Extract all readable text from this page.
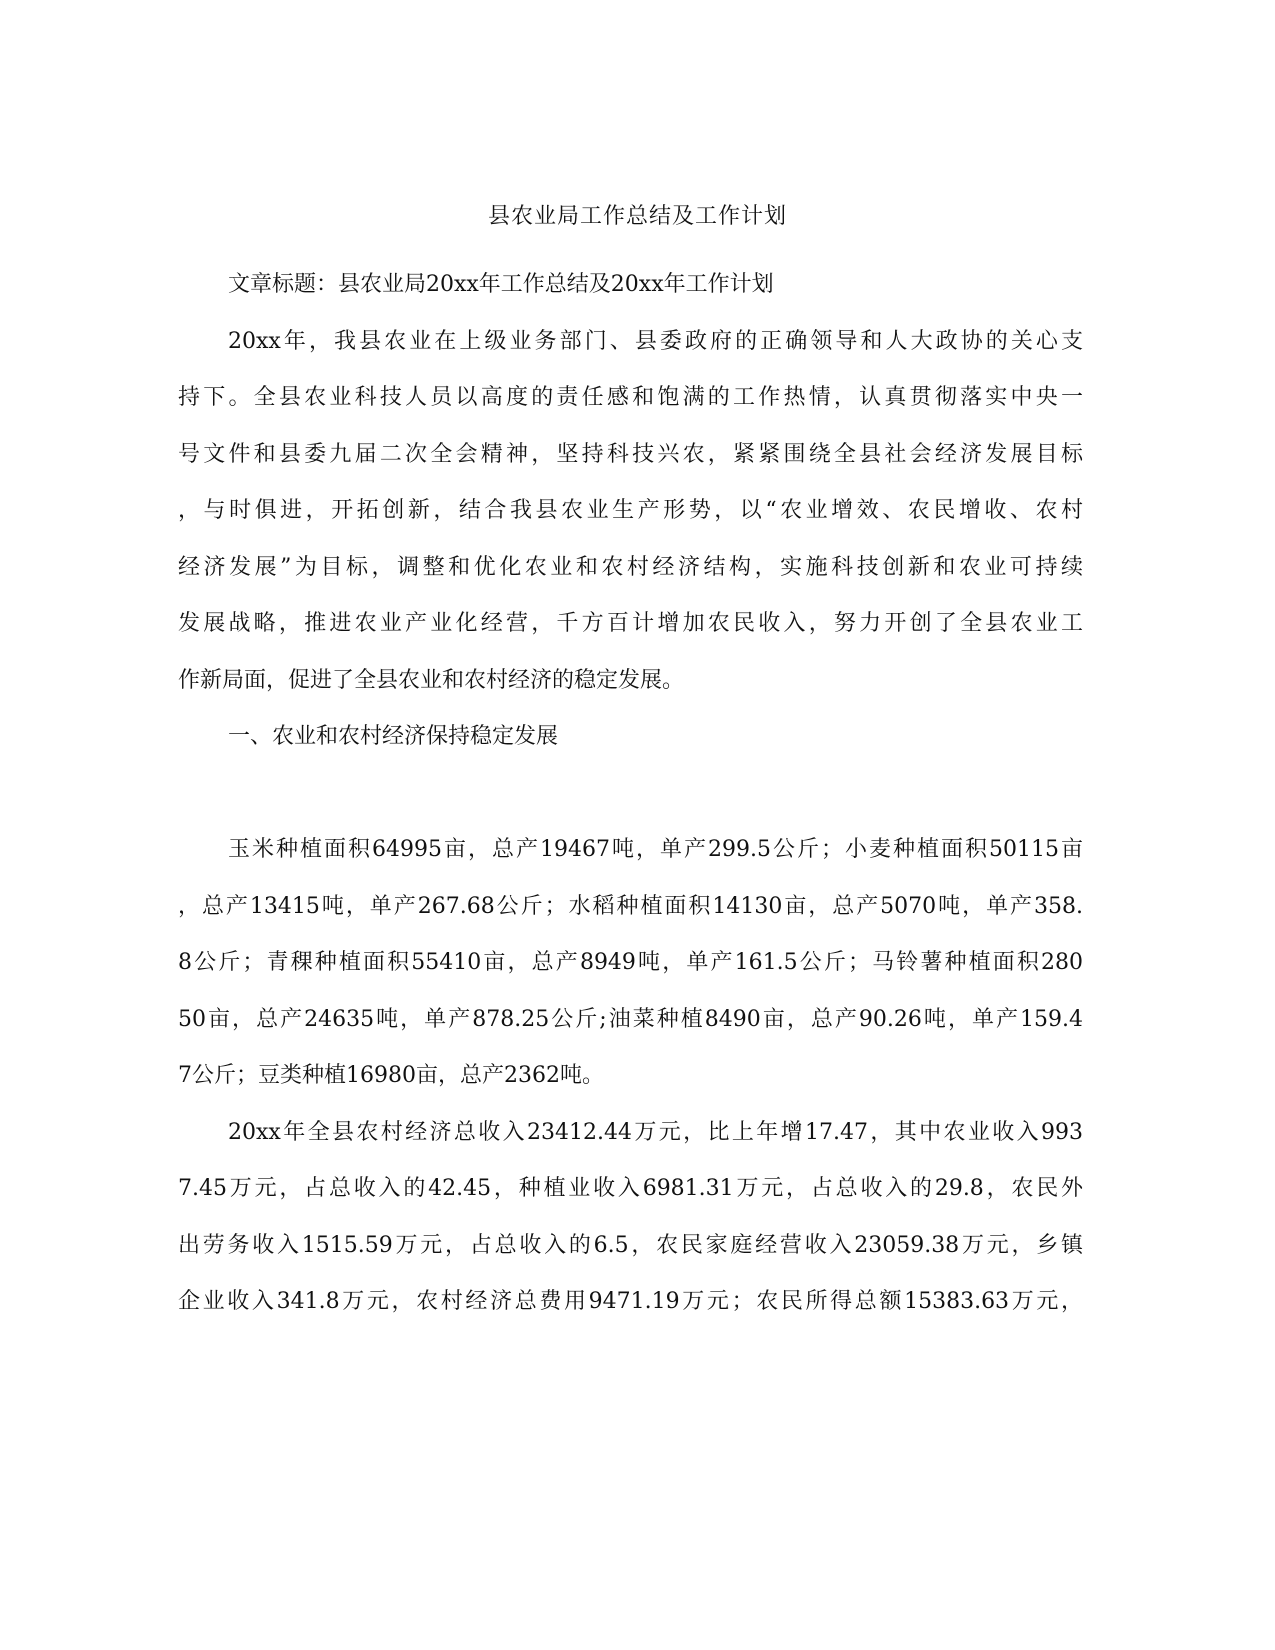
县农业局工作总结及工作计划
文章标题：县农业局20xx年工作总结及20xx年工作计划
20xx年，我县农业在上级业务部门、县委政府的正确领导和人大政协的关心支
持下。全县农业科技人员以高度的责任感和饱满的工作热情，认真贯彻落实中央一
号文件和县委九届二次全会精神，坚持科技兴农，紧紧围绕全县社会经济发展目标
，与时俱进，开拓创新，结合我县农业生产形势，以“农业增效、农民增收、农村
经济发展”为目标，调整和优化农业和农村经济结构，实施科技创新和农业可持续
发展战略，推进农业产业化经营，千方百计增加农民收入，努力开创了全县农业工
作新局面，促进了全县农业和农村经济的稳定发展。
一、农业和农村经济保持稳定发展
玉米种植面积64995亩，总产19467吨，单产299.5公斤；小麦种植面积50115亩
，总产13415吨，单产267.68公斤；水稻种植面积14130亩，总产5070吨，单产358.
8公斤；青稞种植面积55410亩，总产8949吨，单产161.5公斤；马铃薯种植面积280
50亩，总产24635吨，单产878.25公斤;油菜种植8490亩，总产90.26吨，单产159.4
7公斤；豆类种植16980亩，总产2362吨。
20xx年全县农村经济总收入23412.44万元，比上年增17.47，其中农业收入993
7.45万元，占总收入的42.45，种植业收入6981.31万元，占总收入的29.8，农民外
出劳务收入1515.59万元，占总收入的6.5，农民家庭经营收入23059.38万元，乡镇
企业收入341.8万元，农村经济总费用9471.19万元；农民所得总额15383.63万元，
